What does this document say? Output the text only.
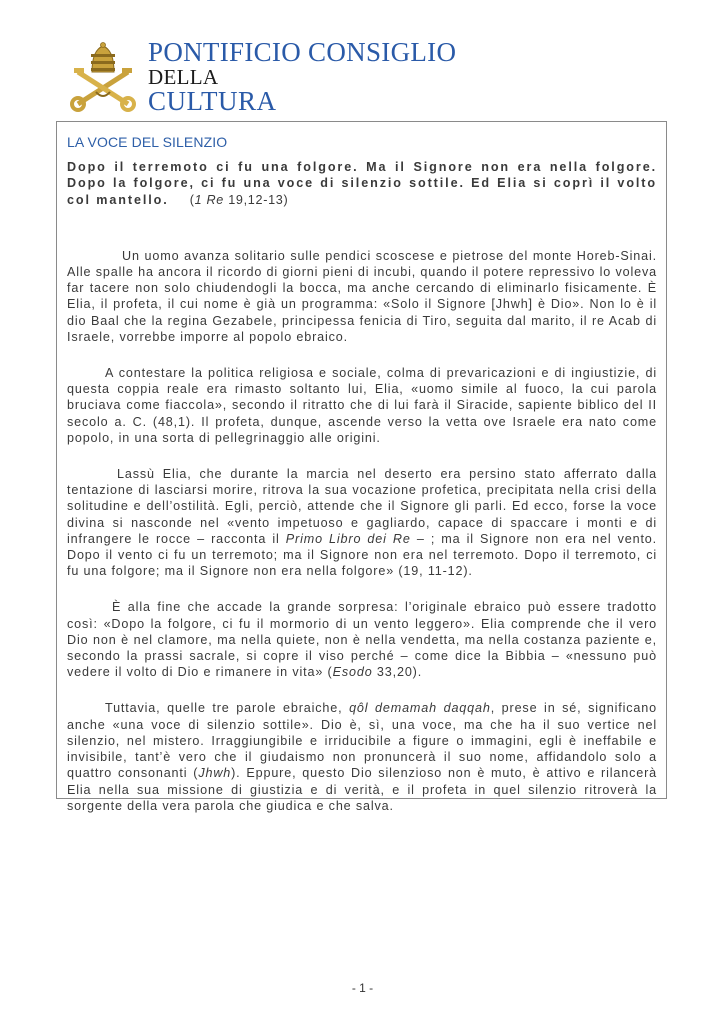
PONTIFICIO CONSIGLIO
DELLA
CULTURA
LA VOCE DEL SILENZIO

Dopo il terremoto ci fu una folgore. Ma il Signore non era nella folgore. Dopo la folgore, ci fu una voce di silenzio sottile. Ed Elia si coprì il volto col mantello. (1 Re 19,12-13)

Un uomo avanza solitario sulle pendici scoscese e pietrose del monte Horeb-Sinai. Alle spalle ha ancora il ricordo di giorni pieni di incubi, quando il potere repressivo lo voleva far tacere non solo chiudendogli la bocca, ma anche cercando di eliminarlo fisicamente. È Elia, il profeta, il cui nome è già un programma: «Solo il Signore [Jhwh] è Dio». Non lo è il dio Baal che la regina Gezabele, principessa fenicia di Tiro, seguita dal marito, il re Acab di Israele, vorrebbe imporre al popolo ebraico.

A contestare la politica religiosa e sociale, colma di prevaricazioni e di ingiustizie, di questa coppia reale era rimasto soltanto lui, Elia, «uomo simile al fuoco, la cui parola bruciava come fiaccola», secondo il ritratto che di lui farà il Siracide, sapiente biblico del II secolo a. C. (48,1). Il profeta, dunque, ascende verso la vetta ove Israele era nato come popolo, in una sorta di pellegrinaggio alle origini.

Lassù Elia, che durante la marcia nel deserto era persino stato afferrato dalla tentazione di lasciarsi morire, ritrova la sua vocazione profetica, precipitata nella crisi della solitudine e dell’ostilità. Egli, perciò, attende che il Signore gli parli. Ed ecco, forse la voce divina si nasconde nel «vento impetuoso e gagliardo, capace di spaccare i monti e di infrangere le rocce – racconta il Primo Libro dei Re – ; ma il Signore non era nel vento. Dopo il vento ci fu un terremoto; ma il Signore non era nel terremoto. Dopo il terremoto, ci fu una folgore; ma il Signore non era nella folgore» (19, 11-12).

È alla fine che accade la grande sorpresa: l’originale ebraico può essere tradotto così: «Dopo la folgore, ci fu il mormorio di un vento leggero». Elia comprende che il vero Dio non è nel clamore, ma nella quiete, non è nella vendetta, ma nella costanza paziente e, secondo la prassi sacrale, si copre il viso perché – come dice la Bibbia – «nessuno può vedere il volto di Dio e rimanere in vita» (Esodo 33,20).

Tuttavia, quelle tre parole ebraiche, qôl demamah daqqah, prese in sé, significano anche «una voce di silenzio sottile». Dio è, sì, una voce, ma che ha il suo vertice nel silenzio, nel mistero. Irraggiungibile e irriducibile a figure o immagini, egli è ineffabile e invisibile, tant’è vero che il giudaismo non pronuncerà il suo nome, affidandolo solo a quattro consonanti (Jhwh). Eppure, questo Dio silenzioso non è muto, è attivo e rilancerà Elia nella sua missione di giustizia e di verità, e il profeta in quel silenzio ritroverà la sorgente della vera parola che giudica e che salva.

- 1 -
